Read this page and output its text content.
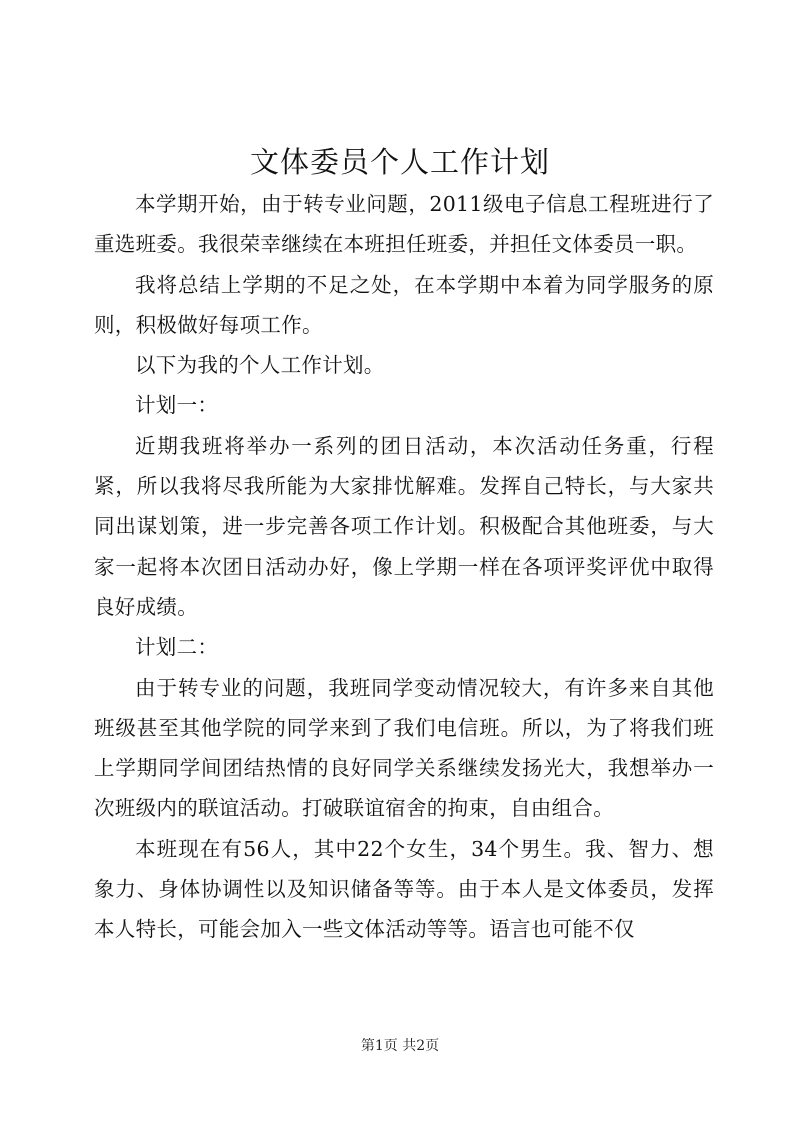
文体委员个人工作计划

本学期开始，由于转专业问题，2011级电子信息工程班进行了重选班委。我很荣幸继续在本班担任班委，并担任文体委员一职。

我将总结上学期的不足之处，在本学期中本着为同学服务的原则，积极做好每项工作。

以下为我的个人工作计划。

计划一：

近期我班将举办一系列的团日活动，本次活动任务重，行程紧，所以我将尽我所能为大家排忧解难。发挥自己特长，与大家共同出谋划策，进一步完善各项工作计划。积极配合其他班委，与大家一起将本次团日活动办好，像上学期一样在各项评奖评优中取得良好成绩。

计划二：

由于转专业的问题，我班同学变动情况较大，有许多来自其他班级甚至其他学院的同学来到了我们电信班。所以，为了将我们班上学期同学间团结热情的良好同学关系继续发扬光大，我想举办一次班级内的联谊活动。打破联谊宿舍的拘束，自由组合。

本班现在有56人，其中22个女生，34个男生。我、智力、想象力、身体协调性以及知识储备等等。由于本人是文体委员，发挥本人特长，可能会加入一些文体活动等等。语言也可能不仅

第1页 共2页
